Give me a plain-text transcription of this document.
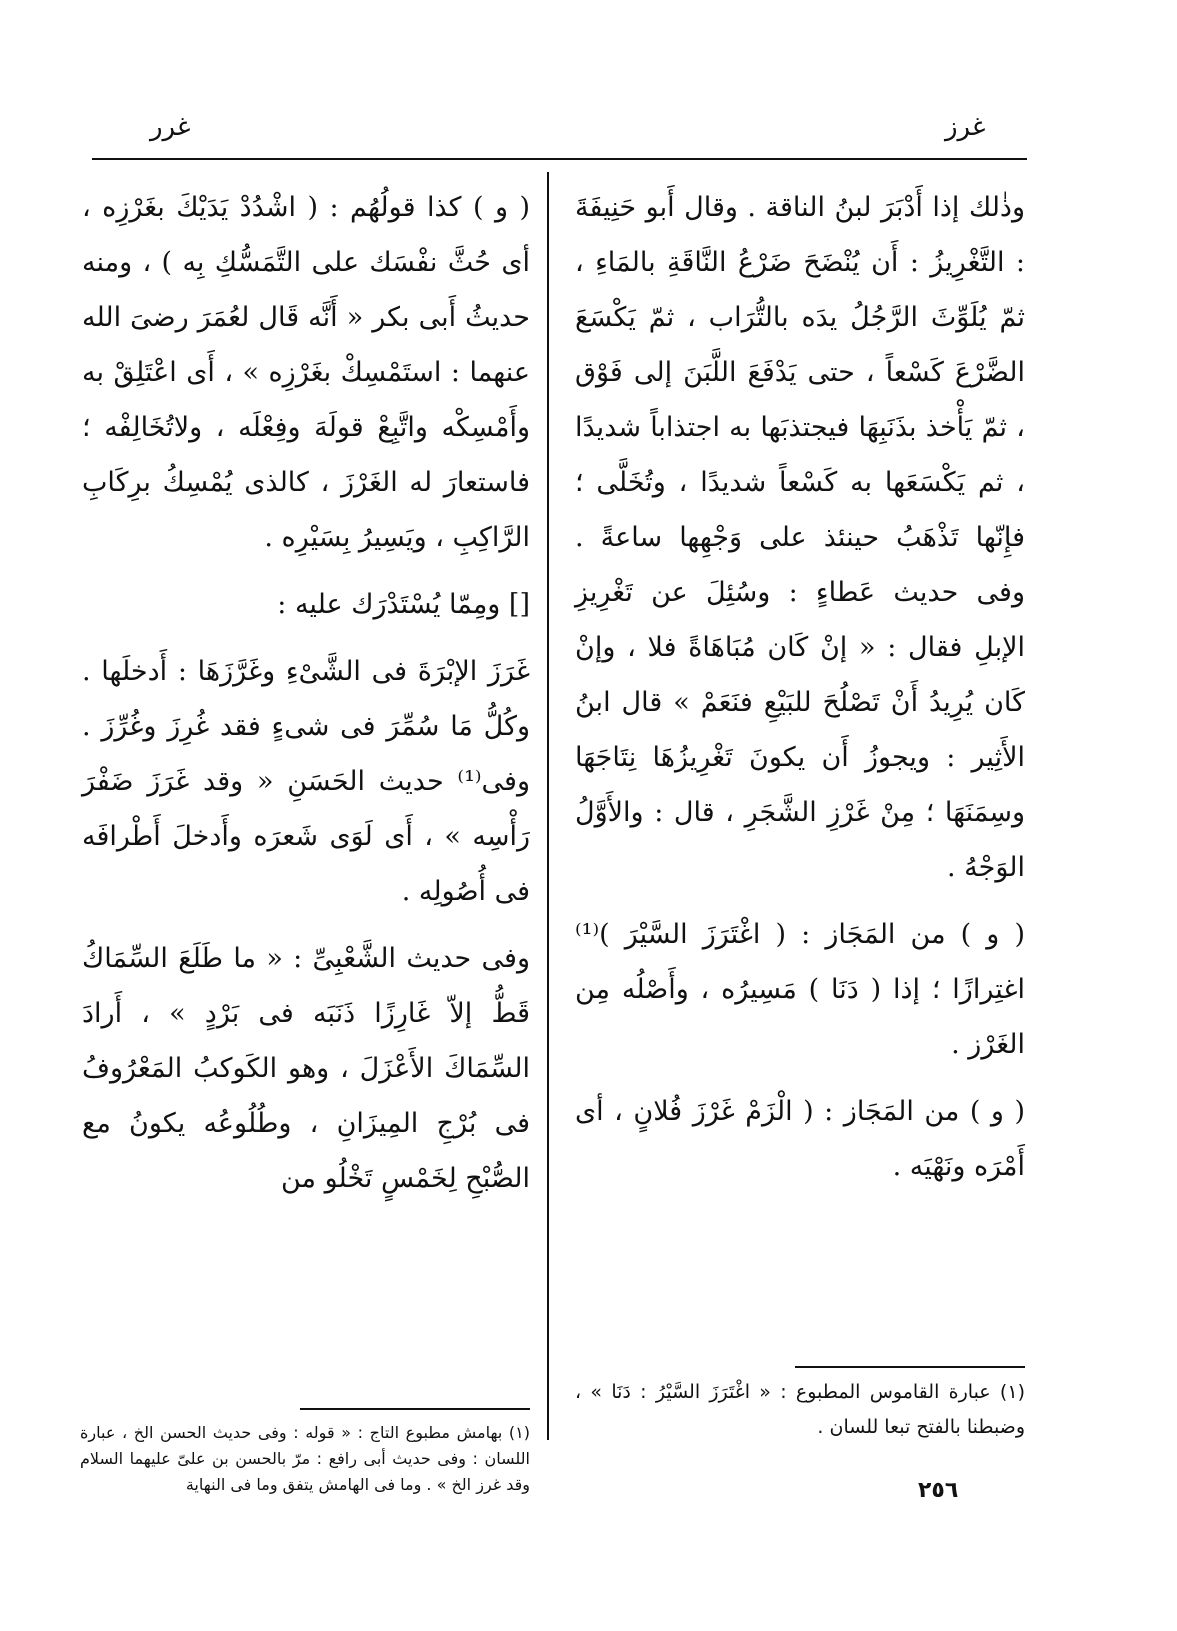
غرز
غرر

وذٰلك إذا أَدْبَرَ لبنُ الناقة . وقال أَبو حَنِيفَةَ : التَّغْرِيزُ : أَن يُنْضَحَ ضَرْعُ النَّاقَةِ بالمَاءِ ، ثمّ يُلَوِّثَ الرَّجُلُ يدَه بالتُّرَاب ، ثمّ يَكْسَعَ الضَّرْعَ كَسْعاً ، حتى يَدْفَعَ اللَّبَنَ إلى فَوْق ، ثمّ يَأْخذ بذَنَبِهَا فيجتذبَها به اجتذاباً شديدًا ، ثم يَكْسَعَها به كَسْعاً شديدًا ، وتُخَلَّى ؛ فإِنّها تَذْهَبُ حينئذ على وَجْهِها ساعةً . وفى حديث عَطاءٍ : وسُئِلَ عن تَغْرِيزِ الإبلِ فقال : « إنْ كَان مُبَاهَاةً فلا ، وإنْ كَان يُرِيدُ أَنْ تَصْلُحَ للبَيْعِ فنَعَمْ » قال ابنُ الأَثِير : ويجوزُ أَن يكونَ تَغْرِيزُهَا نِتَاجَهَا وسِمَنَهَا ؛ مِنْ غَرْزِ الشَّجَرِ ، قال : والأَوَّلُ الوَجْهُ .

( و ) من المَجَاز : ( اغْتَرَزَ السَّيْرَ )⁽¹⁾ اغتِرازًا ؛ إذا ( دَنَا ) مَسِيرُه ، وأَصْلُه مِن الغَرْز .

( و ) من المَجَاز : ( الْزَمْ غَرْزَ فُلانٍ ، أى أَمْرَه ونَهْيَه .

( و ) كذا قولُهُم : ( اشْدُدْ يَدَيْكَ بغَرْزِه ، أى حُثَّ نفْسَك على التَّمَسُّكِ بِه ) ، ومنه حديثُ أَبى بكر « أَنَّه قَال لعُمَرَ رضىَ الله عنهما : استَمْسِكْ بغَرْزِه » ، أَى اعْتَلِقْ به وأَمْسِكْه واتَّبِعْ قولَهَ وفِعْلَه ، ولاتُخَالِفْه ؛ فاستعارَ له الغَرْزَ ، كالذى يُمْسِكُ برِكَابِ الرَّاكِبِ ، ويَسِيرُ بِسَيْرِه .

[] ومِمّا يُسْتَدْرَك عليه :

غَرَزَ الإبْرَةَ فى الشَّىْءِ وغَرَّزَهَا : أَدخلَها . وكُلُّ مَا سُمِّرَ فى شىءٍ فقد غُرِزَ وغُرِّزَ . وفى⁽¹⁾ حديث الحَسَنِ « وقد غَرَزَ ضَفْرَ رَأْسِه » ، أَى لَوَى شَعرَه وأَدخلَ أَطْرافَه فى أُصُولِه .

وفى حديث الشَّعْبِىِّ : « ما طَلَعَ السِّمَاكُ قَطُّ إلاّ غَارِزًا ذَنَبَه فى بَرْدٍ » ، أَرادَ السِّمَاكَ الأَعْزَلَ ، وهو الكَوكبُ المَعْرُوفُ فى بُرْجِ المِيزَانِ ، وطُلُوعُه يكونُ مع الصُّبْحِ لِخَمْسٍ تَخْلُو من

(١) بهامش مطبوع التاج : « قوله : وفى حديث الحسن الخ ، عبارة اللسان : وفى حديث أبى رافع : مرّ بالحسن بن علىّ عليهما السلام وقد غرز الخ » . وما فى الهامش يتفق وما فى النهاية
(١) عبارة القاموس المطبوع : « اغْتَرَزَ السَّيْرُ : دَنَا » ، وضبطنا بالفتح تبعا للسان .
٢٥٦
